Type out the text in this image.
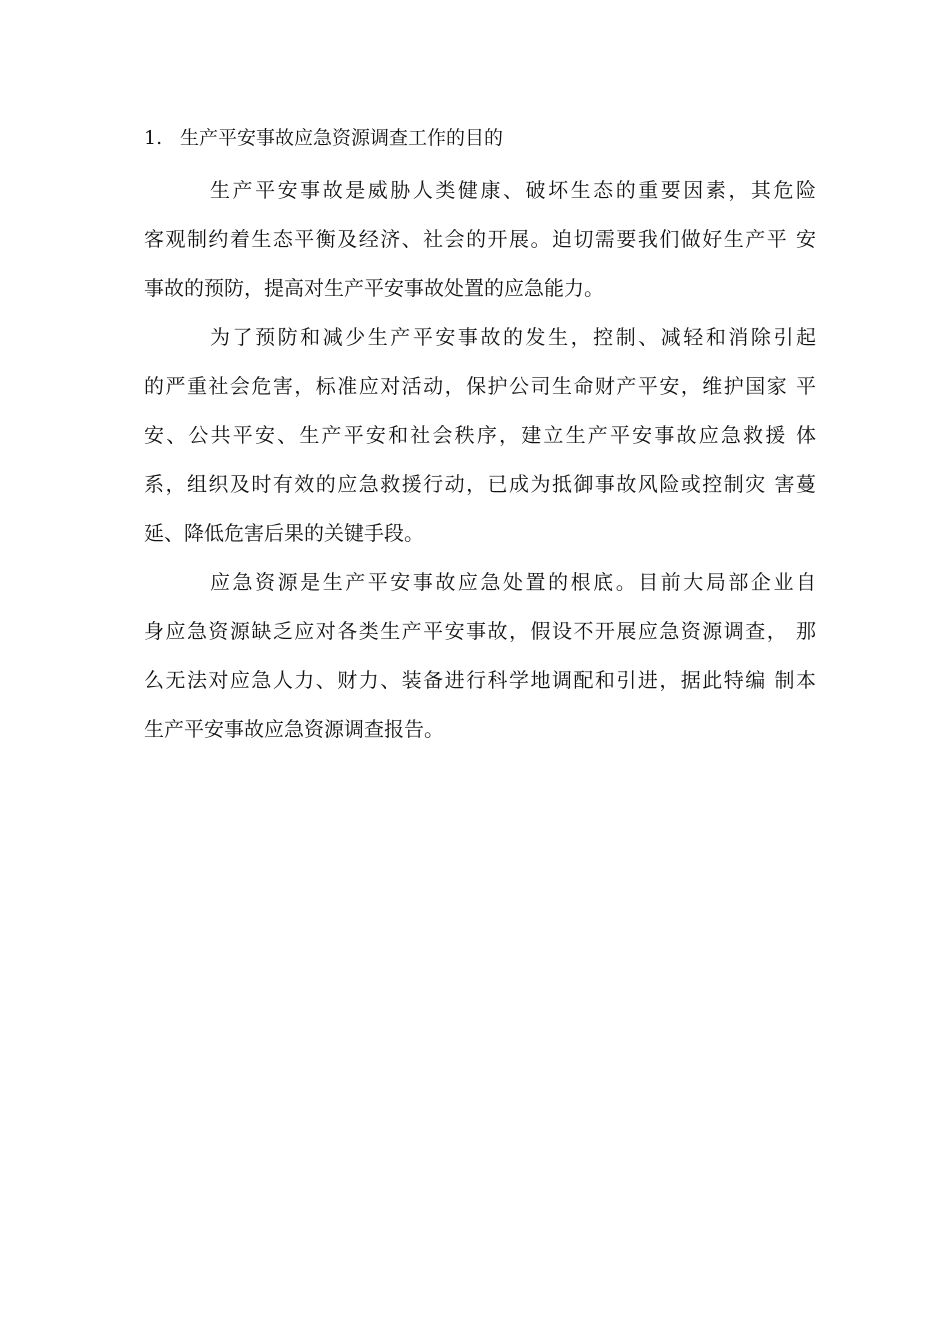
1. 生产平安事故应急资源调查工作的目的
生产平安事故是威胁人类健康、破坏生态的重要因素，其危险
客观制约着生态平衡及经济、社会的开展。迫切需要我们做好生产平 安
事故的预防，提高对生产平安事故处置的应急能力。
为了预防和减少生产平安事故的发生，控制、减轻和消除引起
的严重社会危害，标准应对活动，保护公司生命财产平安，维护国家 平
安、公共平安、生产平安和社会秩序，建立生产平安事故应急救援 体
系，组织及时有效的应急救援行动，已成为抵御事故风险或控制灾 害蔓
延、降低危害后果的关键手段。
应急资源是生产平安事故应急处置的根底。目前大局部企业自
身应急资源缺乏应对各类生产平安事故，假设不开展应急资源调查， 那
么无法对应急人力、财力、装备进行科学地调配和引进，据此特编 制本
生产平安事故应急资源调查报告。
